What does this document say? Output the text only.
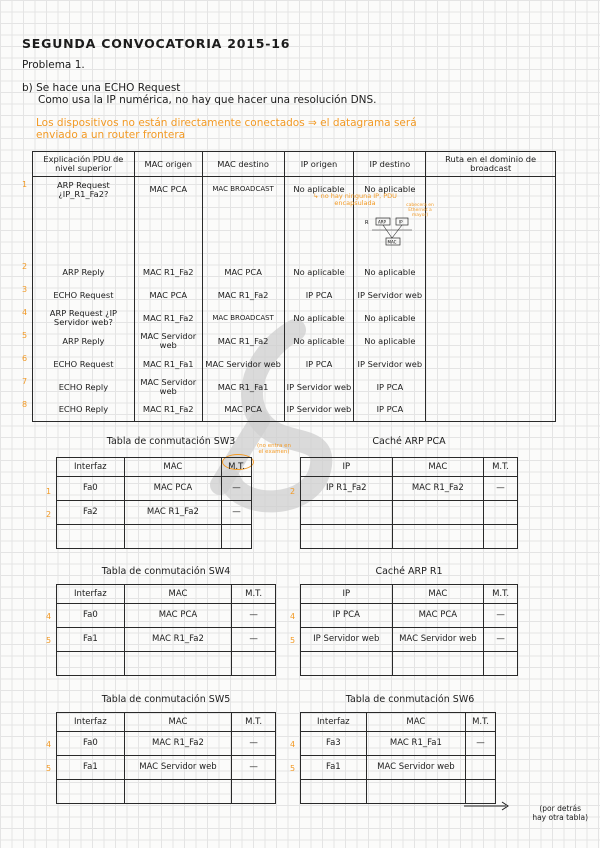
SEGUNDA CONVOCATORIA 2015-16
Problema 1.
b) Se hace una ECHO Request
Como usa la IP numérica, no hay que hacer una resolución DNS.
Los dispositivos no están directamente conectados ⇒ el datagrama será
enviado a un router frontera
1
2
3
4
5
6
7
8
Explicación PDU de nivel superior	MAC origen	MAC destino	IP origen	IP destino	Ruta en el dominio de broadcast
ARP Request ¿IP_R1_Fa2?	MAC PCA	MAC BROADCAST	No aplicable	No aplicable	
ARP Reply	MAC R1_Fa2	MAC PCA	No aplicable	No aplicable	
ECHO Request	MAC PCA	MAC R1_Fa2	IP PCA	IP Servidor web	
ARP Request ¿IP Servidor web?	MAC R1_Fa2	MAC BROADCAST	No aplicable	No aplicable	
ARP Reply	MAC Servidor web	MAC R1_Fa2	No aplicable	No aplicable	
ECHO Request	MAC R1_Fa1	MAC Servidor web	IP PCA	IP Servidor web	
ECHO Reply	MAC Servidor web	MAC R1_Fa1	IP Servidor web	IP PCA	
ECHO Reply	MAC R1_Fa2	MAC PCA	IP Servidor web	IP PCA	
↳ no hay ninguna IP, PDU encapsulada	cabecera en Ethernet a mayor)
R ARP	IP
MAC
Tabla de conmutación SW3	(no entra en el examen)
1
2
Interfaz	MAC	M.T.
Fa0	MAC PCA	—
Fa2	MAC R1_Fa2	—

Caché ARP PCA
2
IP	MAC	M.T.
IP R1_Fa2	MAC R1_Fa2	—

Tabla de conmutación SW4
4
5
Interfaz	MAC	M.T.
Fa0	MAC PCA	—
Fa1	MAC R1_Fa2	—

Caché ARP R1
4
5
IP	MAC	M.T.
IP PCA	MAC PCA	—
IP Servidor web	MAC Servidor web	—

Tabla de conmutación SW5
4
5
Interfaz	MAC	M.T.
Fa0	MAC R1_Fa2	—
Fa1	MAC Servidor web	—

Tabla de conmutación SW6
4
5
Interfaz	MAC	M.T.
Fa3	MAC R1_Fa1	—
Fa1	MAC Servidor web	

(por detrás
hay otra tabla)
